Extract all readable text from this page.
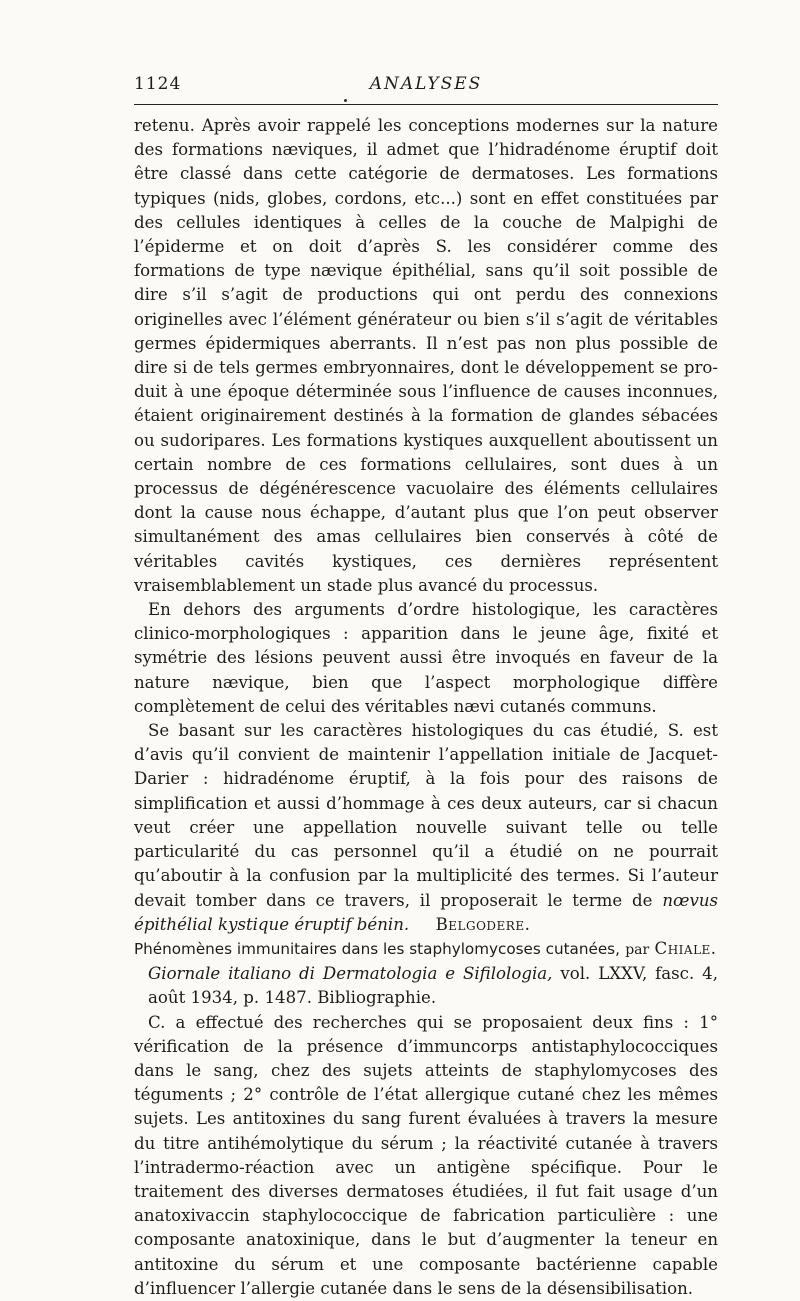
1124	ANALYSES

retenu. Après avoir rappelé les conceptions modernes sur la nature des formations næviques, il admet que l’hidradénome éruptif doit être classé dans cette catégorie de dermatoses. Les formations typiques (nids, globes, cordons, etc...) sont en effet constituées par des cellules identiques à celles de la couche de Malpighi de l’épiderme et on doit d’après S. les considérer comme des formations de type nævique épithélial, sans qu’il soit possible de dire s’il s’agit de productions qui ont perdu des connexions originelles avec l’élément générateur ou bien s’il s’agit de véritables germes épidermiques aberrants. Il n’est pas non plus possible de dire si de tels germes embryonnaires, dont le développement se produit à une époque déterminée sous l’influence de causes inconnues, étaient originairement destinés à la formation de glandes sébacées ou sudoripares. Les formations kystiques auxquellent aboutissent un certain nombre de ces formations cellulaires, sont dues à un processus de dégénérescence vacuolaire des éléments cellulaires dont la cause nous échappe, d’autant plus que l’on peut observer simultanément des amas cellulaires bien conservés à côté de véritables cavités kystiques, ces dernières représentent vraisemblablement un stade plus avancé du processus.

En dehors des arguments d’ordre histologique, les caractères clinico-morphologiques : apparition dans le jeune âge, fixité et symétrie des lésions peuvent aussi être invoqués en faveur de la nature nævique, bien que l’aspect morphologique diffère complètement de celui des véritables nævi cutanés communs.

Se basant sur les caractères histologiques du cas étudié, S. est d’avis qu’il convient de maintenir l’appellation initiale de Jacquet-Darier : hidradénome éruptif, à la fois pour des raisons de simplification et aussi d’hommage à ces deux auteurs, car si chacun veut créer une appellation nouvelle suivant telle ou telle particularité du cas personnel qu’il a étudié on ne pourrait qu’aboutir à la confusion par la multiplicité des termes. Si l’auteur devait tomber dans ce travers, il proposerait le terme de nœvus épithélial kystique éruptif bénin. Belgodere.

Phénomènes immunitaires dans les staphylomycoses cutanées, par Chiale.

Giornale italiano di Dermatologia e Sifilologia, vol. LXXV, fasc. 4, août 1934, p. 1487. Bibliographie.

C. a effectué des recherches qui se proposaient deux fins : 1° vérification de la présence d’immuncorps antistaphylococciques dans le sang, chez des sujets atteints de staphylomycoses des téguments ; 2° contrôle de l’état allergique cutané chez les mêmes sujets. Les antitoxines du sang furent évaluées à travers la mesure du titre antihémolytique du sérum ; la réactivité cutanée à travers l’intradermo-réaction avec un antigène spécifique. Pour le traitement des diverses dermatoses étudiées, il fut fait usage d’un anatoxivaccin staphylococcique de fabrication particulière : une composante anatoxinique, dans le but d’augmenter la teneur en antitoxine du sérum et une composante bactérienne capable d’influencer l’allergie cutanée dans le sens de la désensibilisation.
